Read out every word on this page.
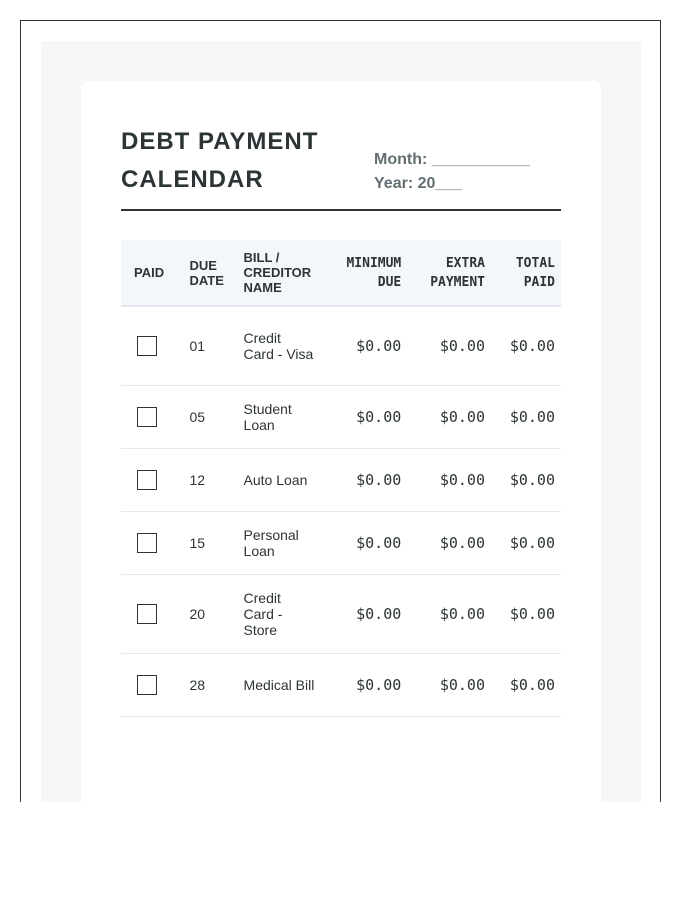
DEBT PAYMENT CALENDAR
Month: ___________
Year: 20___
PAID	DUE DATE	BILL / CREDITOR NAME	MINIMUM DUE	EXTRA PAYMENT	TOTAL PAID
	01	Credit Card - Visa	$0.00	$0.00	$0.00
	05	Student Loan	$0.00	$0.00	$0.00
	12	Auto Loan	$0.00	$0.00	$0.00
	15	Personal Loan	$0.00	$0.00	$0.00
	20	Credit Card - Store	$0.00	$0.00	$0.00
	28	Medical Bill	$0.00	$0.00	$0.00
